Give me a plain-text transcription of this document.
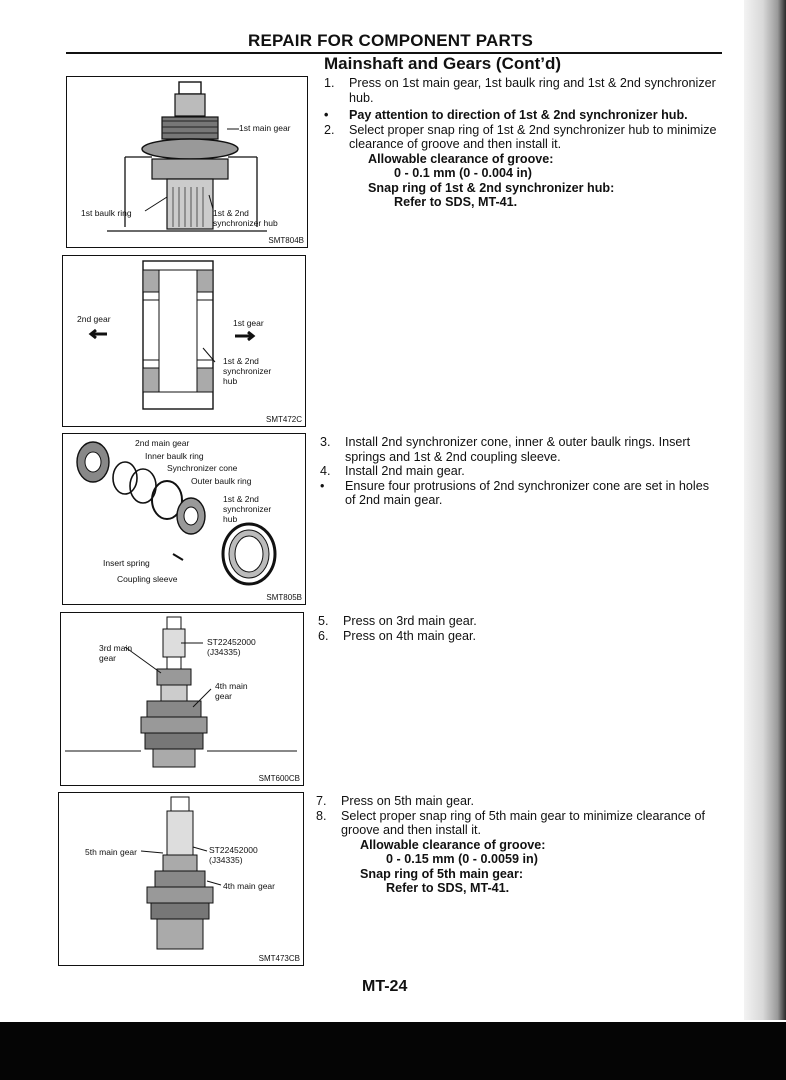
REPAIR FOR COMPONENT PARTS
Mainshaft and Gears (Cont’d)
1st main gear
1st baulk ring	1st & 2nd
synchronizer hub
SMT804B
2nd gear	1st gear
1st & 2nd
synchronizer
hub
SMT472C
2nd main gear
Inner baulk ring
Synchronizer cone
Outer baulk ring
1st & 2nd
synchronizer
hub
Insert spring
Coupling sleeve
SMT805B
3rd main
gear
ST22452000
(J34335)
4th main
gear
SMT600CB
5th main gear	ST22452000
(J34335)
4th main gear
SMT473CB
1. Press on 1st main gear, 1st baulk ring and 1st & 2nd synchronizer hub.
• Pay attention to direction of 1st & 2nd synchronizer hub.
2. Select proper snap ring of 1st & 2nd synchronizer hub to minimize clearance of groove and then install it.
Allowable clearance of groove:
0 - 0.1 mm (0 - 0.004 in)
Snap ring of 1st & 2nd synchronizer hub:
Refer to SDS, MT-41.
3. Install 2nd synchronizer cone, inner & outer baulk rings. Insert springs and 1st & 2nd coupling sleeve.
4. Install 2nd main gear.
• Ensure four protrusions of 2nd synchronizer cone are set in holes of 2nd main gear.
5. Press on 3rd main gear.
6. Press on 4th main gear.
7. Press on 5th main gear.
8. Select proper snap ring of 5th main gear to minimize clearance of groove and then install it.
Allowable clearance of groove:
0 - 0.15 mm (0 - 0.0059 in)
Snap ring of 5th main gear:
Refer to SDS, MT-41.
MT-24
